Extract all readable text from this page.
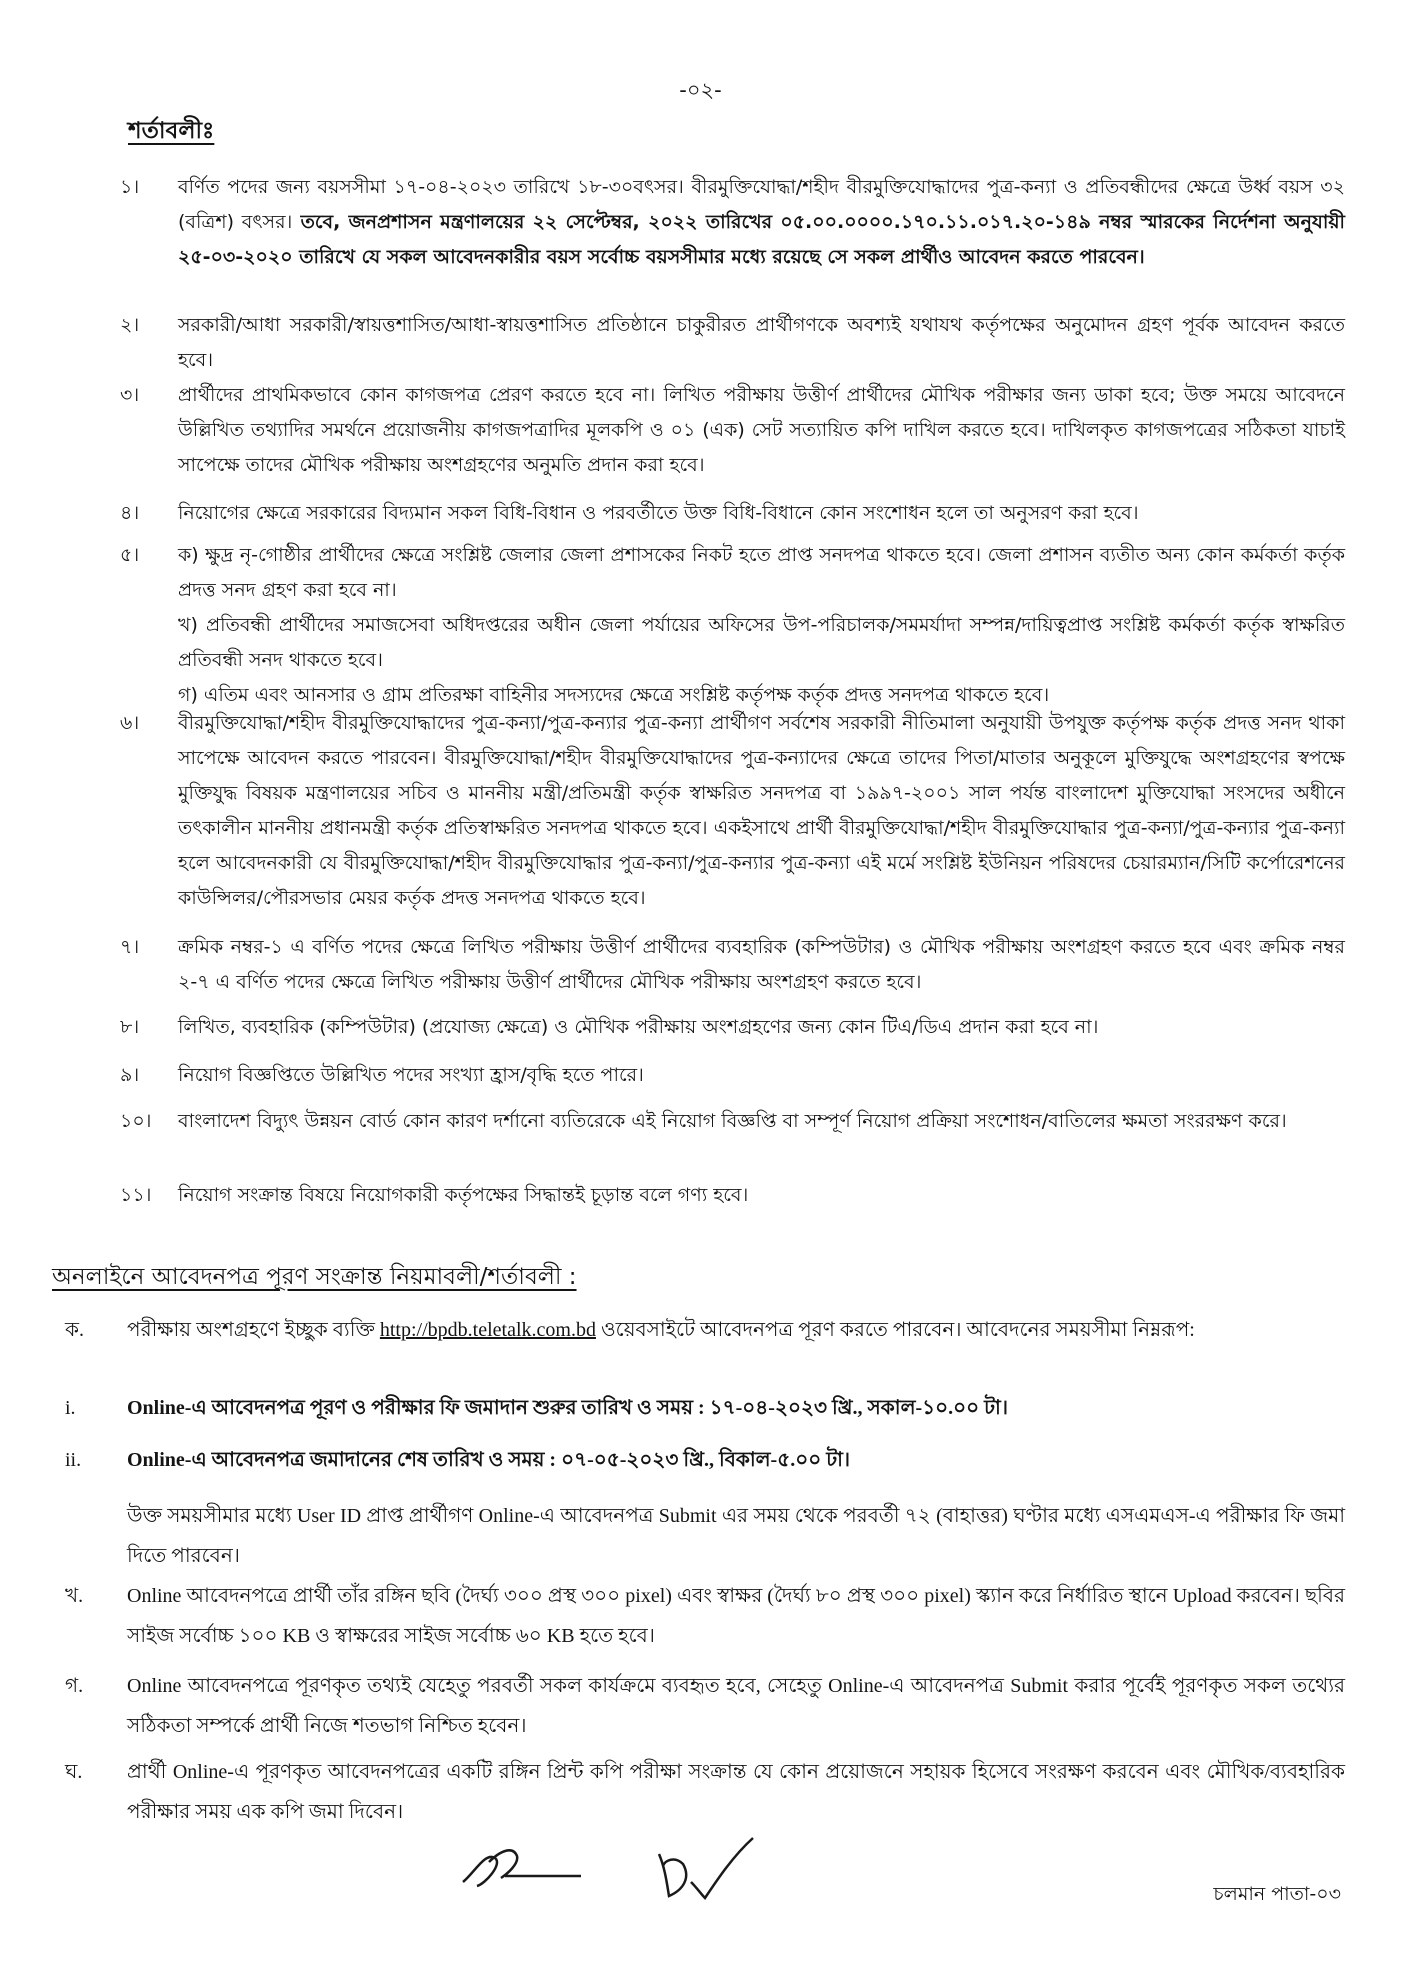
-০২-
শর্তাবলীঃ
১।	বর্ণিত পদের জন্য বয়সসীমা ১৭-০৪-২০২৩ তারিখে ১৮-৩০বৎসর। বীরমুক্তিযোদ্ধা/শহীদ বীরমুক্তিযোদ্ধাদের পুত্র-কন্যা ও প্রতিবন্ধীদের ক্ষেত্রে উর্ধ্ব বয়স ৩২ (বত্রিশ) বৎসর। তবে, জনপ্রশাসন মন্ত্রণালয়ের ২২ সেপ্টেম্বর, ২০২২ তারিখের ০৫.০০.০০০০.১৭০.১১.০১৭.২০-১৪৯ নম্বর স্মারকের নির্দেশনা অনুযায়ী ২৫-০৩-২০২০ তারিখে যে সকল আবেদনকারীর বয়স সর্বোচ্চ বয়সসীমার মধ্যে রয়েছে সে সকল প্রার্থীও আবেদন করতে পারবেন।
২।	সরকারী/আধা সরকারী/স্বায়ত্তশাসিত/আধা-স্বায়ত্তশাসিত প্রতিষ্ঠানে চাকুরীরত প্রার্থীগণকে অবশ্যই যথাযথ কর্তৃপক্ষের অনুমোদন গ্রহণ পূর্বক আবেদন করতে হবে।
৩।	প্রার্থীদের প্রাথমিকভাবে কোন কাগজপত্র প্রেরণ করতে হবে না। লিখিত পরীক্ষায় উত্তীর্ণ প্রার্থীদের মৌখিক পরীক্ষার জন্য ডাকা হবে; উক্ত সময়ে আবেদনে উল্লিখিত তথ্যাদির সমর্থনে প্রয়োজনীয় কাগজপত্রাদির মূলকপি ও ০১ (এক) সেট সত্যায়িত কপি দাখিল করতে হবে। দাখিলকৃত কাগজপত্রের সঠিকতা যাচাই সাপেক্ষে তাদের মৌখিক পরীক্ষায় অংশগ্রহণের অনুমতি প্রদান করা হবে।
৪।	নিয়োগের ক্ষেত্রে সরকারের বিদ্যমান সকল বিধি-বিধান ও পরবর্তীতে উক্ত বিধি-বিধানে কোন সংশোধন হলে তা অনুসরণ করা হবে।
৫।	ক) ক্ষুদ্র নৃ-গোষ্ঠীর প্রার্থীদের ক্ষেত্রে সংশ্লিষ্ট জেলার জেলা প্রশাসকের নিকট হতে প্রাপ্ত সনদপত্র থাকতে হবে। জেলা প্রশাসন ব্যতীত অন্য কোন কর্মকর্তা কর্তৃক প্রদত্ত সনদ গ্রহণ করা হবে না।
খ) প্রতিবন্ধী প্রার্থীদের সমাজসেবা অধিদপ্তরের অধীন জেলা পর্যায়ের অফিসের উপ-পরিচালক/সমমর্যাদা সম্পন্ন/দায়িত্বপ্রাপ্ত সংশ্লিষ্ট কর্মকর্তা কর্তৃক স্বাক্ষরিত প্রতিবন্ধী সনদ থাকতে হবে।
গ) এতিম এবং আনসার ও গ্রাম প্রতিরক্ষা বাহিনীর সদস্যদের ক্ষেত্রে সংশ্লিষ্ট কর্তৃপক্ষ কর্তৃক প্রদত্ত সনদপত্র থাকতে হবে।
৬।	বীরমুক্তিযোদ্ধা/শহীদ বীরমুক্তিযোদ্ধাদের পুত্র-কন্যা/পুত্র-কন্যার পুত্র-কন্যা প্রার্থীগণ সর্বশেষ সরকারী নীতিমালা অনুযায়ী উপযুক্ত কর্তৃপক্ষ কর্তৃক প্রদত্ত সনদ থাকা সাপেক্ষে আবেদন করতে পারবেন। বীরমুক্তিযোদ্ধা/শহীদ বীরমুক্তিযোদ্ধাদের পুত্র-কন্যাদের ক্ষেত্রে তাদের পিতা/মাতার অনুকূলে মুক্তিযুদ্ধে অংশগ্রহণের স্বপক্ষে মুক্তিযুদ্ধ বিষয়ক মন্ত্রণালয়ের সচিব ও মাননীয় মন্ত্রী/প্রতিমন্ত্রী কর্তৃক স্বাক্ষরিত সনদপত্র বা ১৯৯৭-২০০১ সাল পর্যন্ত বাংলাদেশ মুক্তিযোদ্ধা সংসদের অধীনে তৎকালীন মাননীয় প্রধানমন্ত্রী কর্তৃক প্রতিস্বাক্ষরিত সনদপত্র থাকতে হবে। একইসাথে প্রার্থী বীরমুক্তিযোদ্ধা/শহীদ বীরমুক্তিযোদ্ধার পুত্র-কন্যা/পুত্র-কন্যার পুত্র-কন্যা হলে আবেদনকারী যে বীরমুক্তিযোদ্ধা/শহীদ বীরমুক্তিযোদ্ধার পুত্র-কন্যা/পুত্র-কন্যার পুত্র-কন্যা এই মর্মে সংশ্লিষ্ট ইউনিয়ন পরিষদের চেয়ারম্যান/সিটি কর্পোরেশনের কাউন্সিলর/পৌরসভার মেয়র কর্তৃক প্রদত্ত সনদপত্র থাকতে হবে।
৭।	ক্রমিক নম্বর-১ এ বর্ণিত পদের ক্ষেত্রে লিখিত পরীক্ষায় উত্তীর্ণ প্রার্থীদের ব্যবহারিক (কম্পিউটার) ও মৌখিক পরীক্ষায় অংশগ্রহণ করতে হবে এবং ক্রমিক নম্বর ২-৭ এ বর্ণিত পদের ক্ষেত্রে লিখিত পরীক্ষায় উত্তীর্ণ প্রার্থীদের মৌখিক পরীক্ষায় অংশগ্রহণ করতে হবে।
৮।	লিখিত, ব্যবহারিক (কম্পিউটার) (প্রযোজ্য ক্ষেত্রে) ও মৌখিক পরীক্ষায় অংশগ্রহণের জন্য কোন টিএ/ডিএ প্রদান করা হবে না।
৯।	নিয়োগ বিজ্ঞপ্তিতে উল্লিখিত পদের সংখ্যা হ্রাস/বৃদ্ধি হতে পারে।
১০।	বাংলাদেশ বিদ্যুৎ উন্নয়ন বোর্ড কোন কারণ দর্শানো ব্যতিরেকে এই নিয়োগ বিজ্ঞপ্তি বা সম্পূর্ণ নিয়োগ প্রক্রিয়া সংশোধন/বাতিলের ক্ষমতা সংররক্ষণ করে।
১১।	নিয়োগ সংক্রান্ত বিষয়ে নিয়োগকারী কর্তৃপক্ষের সিদ্ধান্তই চূড়ান্ত বলে গণ্য হবে।
অনলাইনে আবেদনপত্র পূরণ সংক্রান্ত নিয়মাবলী/শর্তাবলী :
ক.	পরীক্ষায় অংশগ্রহণে ইচ্ছুক ব্যক্তি http://bpdb.teletalk.com.bd ওয়েবসাইটে আবেদনপত্র পূরণ করতে পারবেন। আবেদনের সময়সীমা নিম্নরূপ:
i.	Online-এ আবেদনপত্র পূরণ ও পরীক্ষার ফি জমাদান শুরুর তারিখ ও সময় : ১৭-০৪-২০২৩ খ্রি., সকাল-১০.০০ টা।
ii.	Online-এ আবেদনপত্র জমাদানের শেষ তারিখ ও সময় : ০৭-০৫-২০২৩ খ্রি., বিকাল-৫.০০ টা।
উক্ত সময়সীমার মধ্যে User ID প্রাপ্ত প্রার্থীগণ Online-এ আবেদনপত্র Submit এর সময় থেকে পরবর্তী ৭২ (বাহাত্তর) ঘণ্টার মধ্যে এসএমএস-এ পরীক্ষার ফি জমা দিতে পারবেন।
খ.	Online আবেদনপত্রে প্রার্থী তাঁর রঙ্গিন ছবি (দৈর্ঘ্য ৩০০ প্রস্থ ৩০০ pixel) এবং স্বাক্ষর (দৈর্ঘ্য ৮০ প্রস্থ ৩০০ pixel) স্ক্যান করে নির্ধারিত স্থানে Upload করবেন। ছবির সাইজ সর্বোচ্চ ১০০ KB ও স্বাক্ষরের সাইজ সর্বোচ্চ ৬০ KB হতে হবে।
গ.	Online আবেদনপত্রে পূরণকৃত তথ্যই যেহেতু পরবর্তী সকল কার্যক্রমে ব্যবহৃত হবে, সেহেতু Online-এ আবেদনপত্র Submit করার পূর্বেই পূরণকৃত সকল তথ্যের সঠিকতা সম্পর্কে প্রার্থী নিজে শতভাগ নিশ্চিত হবেন।
ঘ.	প্রার্থী Online-এ পূরণকৃত আবেদনপত্রের একটি রঙ্গিন প্রিন্ট কপি পরীক্ষা সংক্রান্ত যে কোন প্রয়োজনে সহায়ক হিসেবে সংরক্ষণ করবেন এবং মৌখিক/ব্যবহারিক পরীক্ষার সময় এক কপি জমা দিবেন।
চলমান পাতা-০৩
